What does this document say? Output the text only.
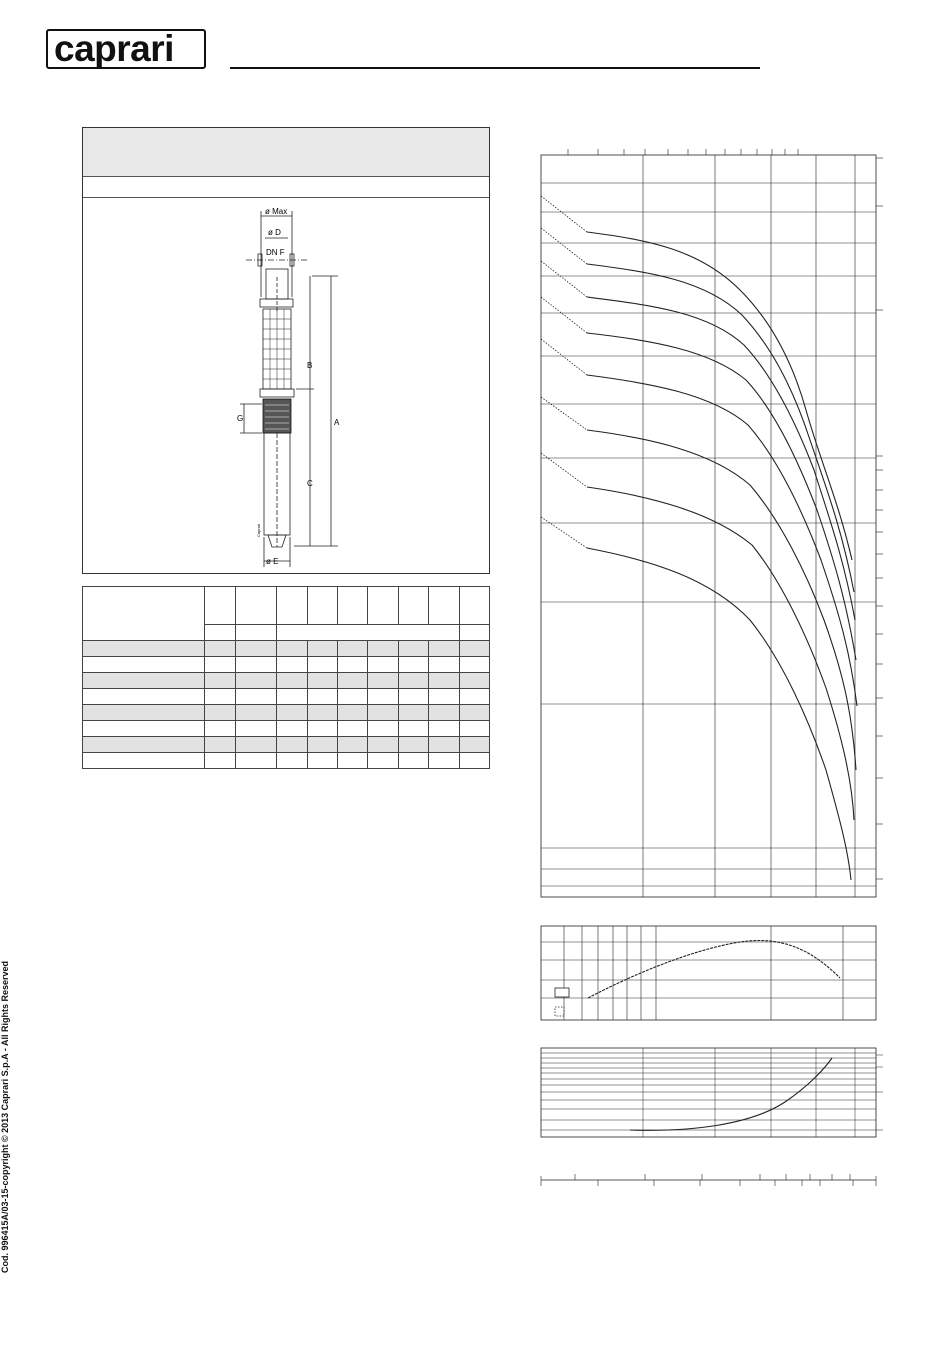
caprari
ø Max
ø D
DN F
A
B
C
G
ø E
Caprari

Cod. 996415A/03-15-copyright © 2013 Caprari S.p.A - All Rights Reserved
